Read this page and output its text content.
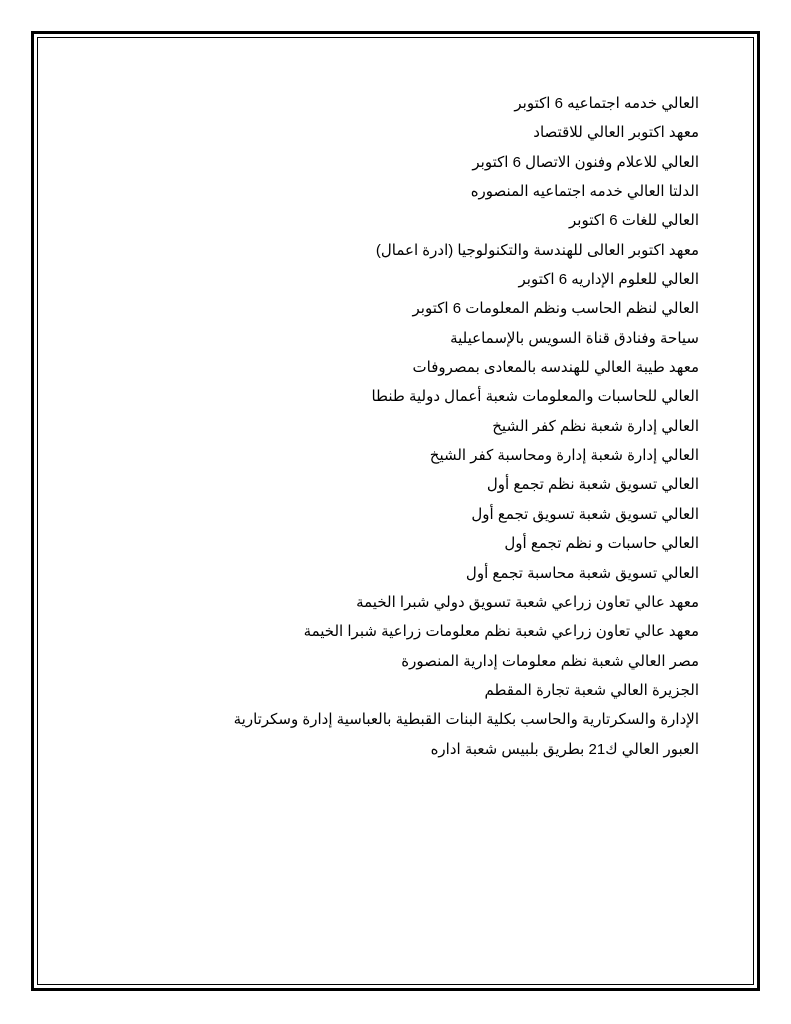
العالي خدمه اجتماعيه 6 اكتوبر
معهد اكتوبر العالي للاقتصاد
العالي للاعلام وفنون الاتصال 6 اكتوبر
الدلتا العالي خدمه اجتماعيه المنصوره
العالي للغات 6 اكتوبر
معهد اكتوبر العالى للهندسة والتكنولوجيا (ادرة اعمال)
العالي للعلوم الإداريه 6 اكتوبر
العالي لنظم الحاسب ونظم المعلومات 6 اكتوبر
سياحة وفنادق قناة السويس بالإسماعيلية
معهد طيبة العالي للهندسه بالمعادى بمصروفات
العالي للحاسبات والمعلومات شعبة أعمال دولية طنطا
العالي إدارة شعبة نظم كفر الشيخ
العالي إدارة شعبة إدارة ومحاسبة كفر الشيخ
العالي تسويق شعبة نظم تجمع أول
العالي تسويق شعبة تسويق تجمع أول
العالي حاسبات و نظم تجمع أول
العالي تسويق شعبة محاسبة تجمع أول
معهد عالي تعاون زراعي شعبة تسويق دولي شبرا الخيمة
معهد عالي تعاون زراعي شعبة نظم معلومات زراعية شبرا الخيمة
مصر العالي شعبة نظم معلومات إدارية المنصورة
الجزيرة العالي شعبة تجارة المقطم
الإدارة والسكرتارية والحاسب بكلية البنات القبطية بالعباسية إدارة وسكرتارية
العبور العالي ك21 بطريق بلبيس شعبة اداره
